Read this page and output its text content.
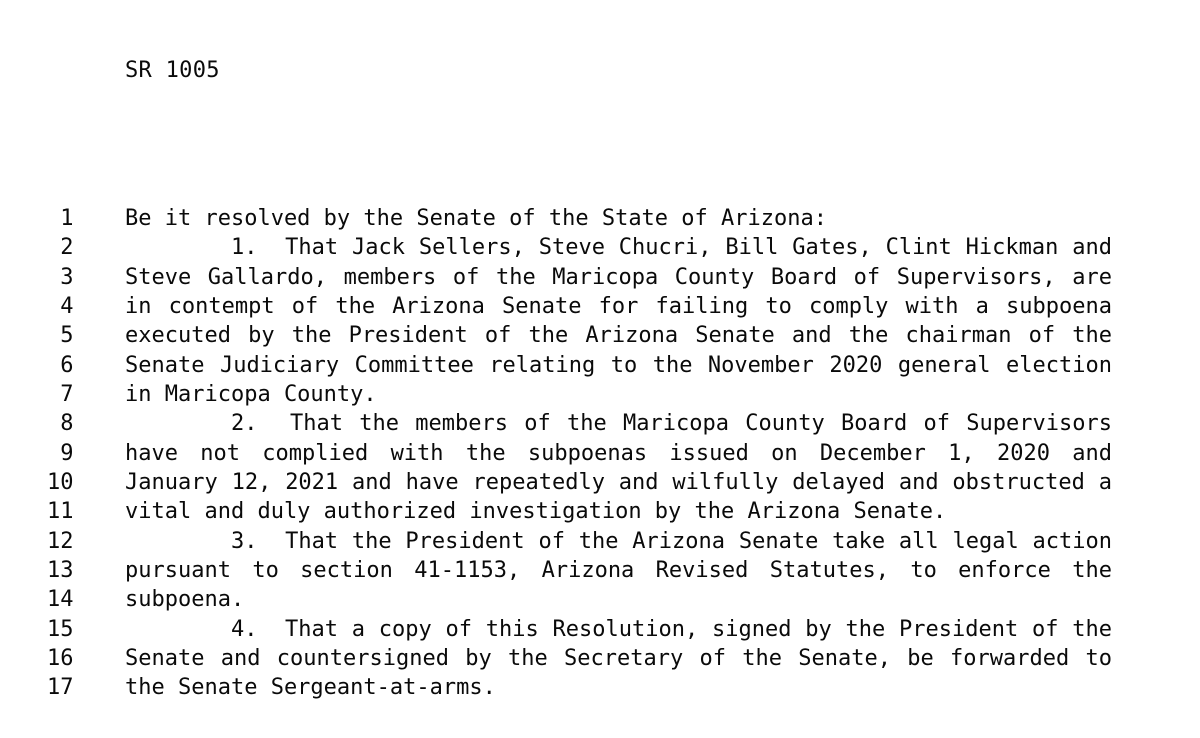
SR 1005
1 Be it resolved by the Senate of the State of Arizona:
2	1.  That Jack Sellers, Steve Chucri, Bill Gates, Clint Hickman and
3 Steve Gallardo, members of the Maricopa County Board of Supervisors, are
4 in contempt of the Arizona Senate for failing to comply with a subpoena
5 executed by the President of the Arizona Senate and the chairman of the
6 Senate Judiciary Committee relating to the November 2020 general election
7 in Maricopa County.
8	2.  That the members of the Maricopa County Board of Supervisors
9 have not complied with the subpoenas issued on December 1, 2020 and
10 January 12, 2021 and have repeatedly and wilfully delayed and obstructed a
11 vital and duly authorized investigation by the Arizona Senate.
12	3.  That the President of the Arizona Senate take all legal action
13 pursuant to section 41-1153, Arizona Revised Statutes, to enforce the
14 subpoena.
15	4.  That a copy of this Resolution, signed by the President of the
16 Senate and countersigned by the Secretary of the Senate, be forwarded to
17 the Senate Sergeant-at-arms.
